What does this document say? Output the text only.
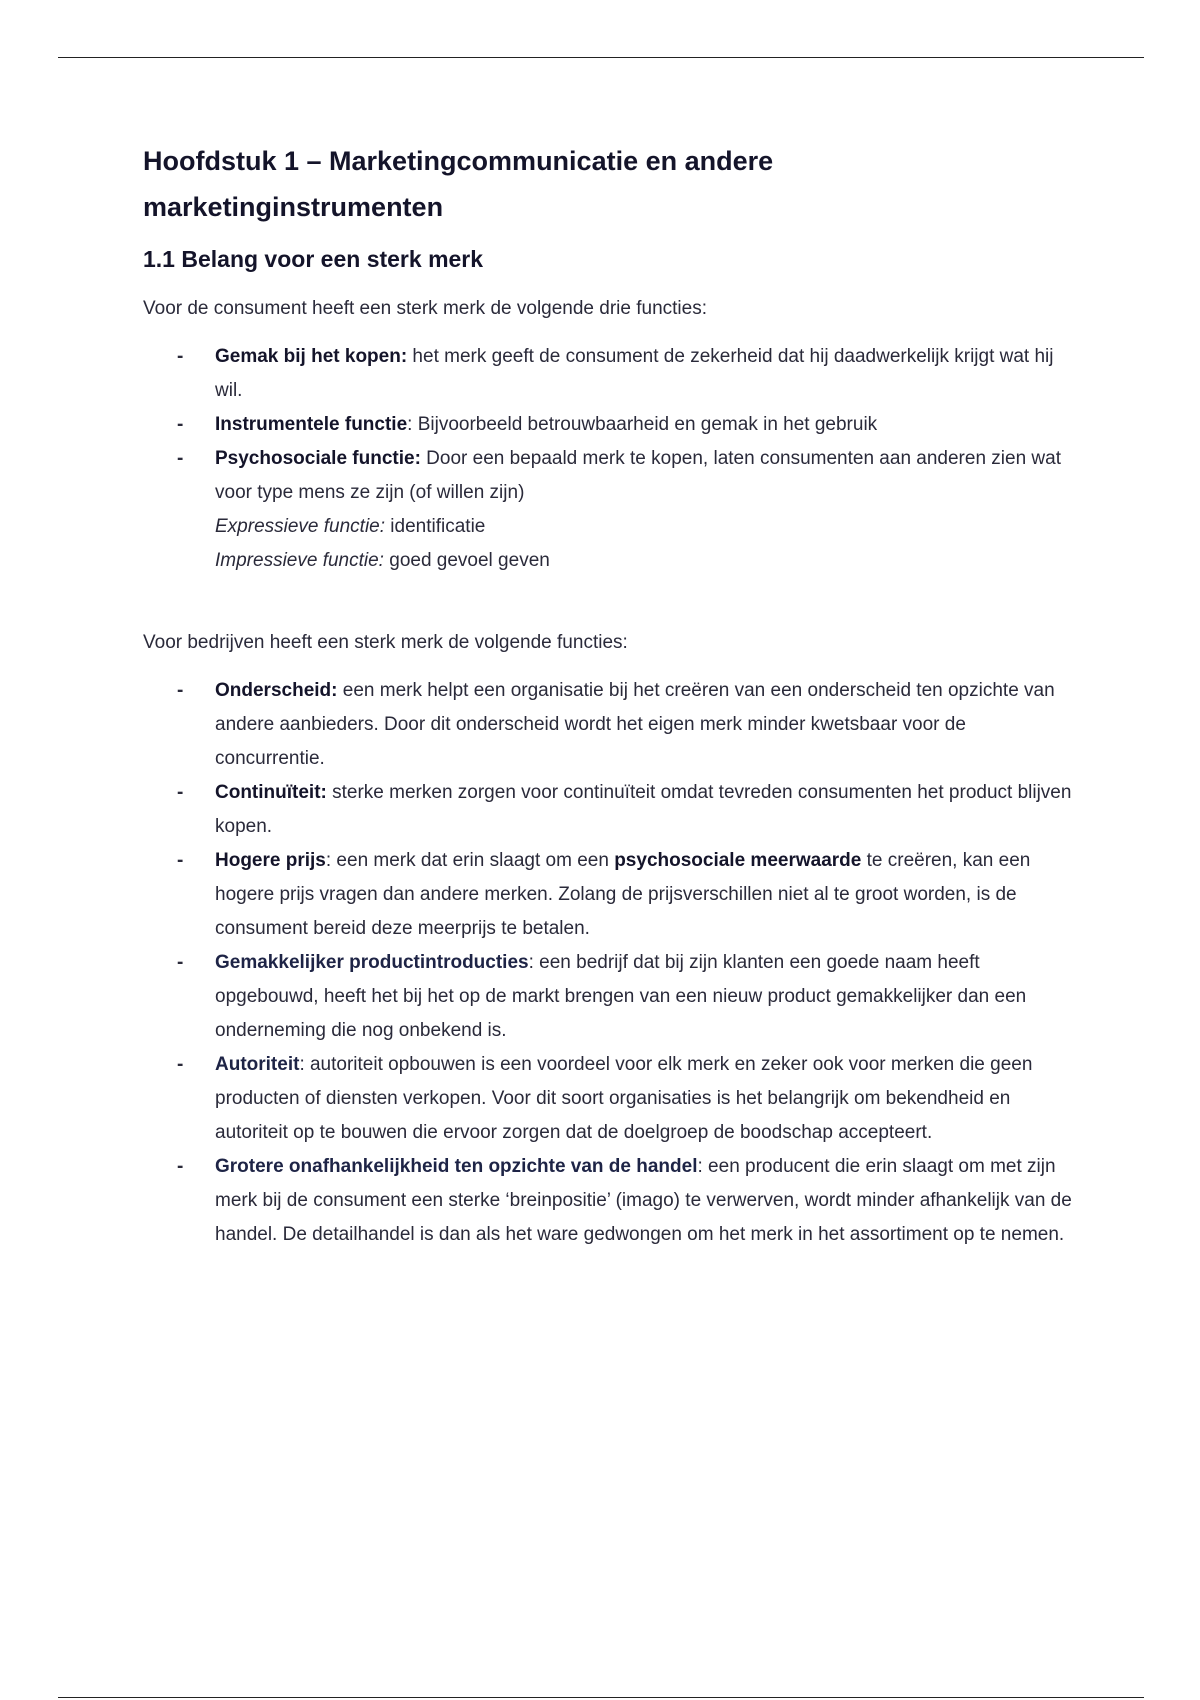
Hoofdstuk 1 – Marketingcommunicatie en andere marketinginstrumenten
1.1 Belang voor een sterk merk

Voor de consument heeft een sterk merk de volgende drie functies:

- Gemak bij het kopen: het merk geeft de consument de zekerheid dat hij daadwerkelijk krijgt wat hij wil.
- Instrumentele functie: Bijvoorbeeld betrouwbaarheid en gemak in het gebruik
- Psychosociale functie: Door een bepaald merk te kopen, laten consumenten aan anderen zien wat voor type mens ze zijn (of willen zijn)
Expressieve functie: identificatie
Impressieve functie: goed gevoel geven

Voor bedrijven heeft een sterk merk de volgende functies:

- Onderscheid: een merk helpt een organisatie bij het creëren van een onderscheid ten opzichte van andere aanbieders. Door dit onderscheid wordt het eigen merk minder kwetsbaar voor de concurrentie.
- Continuïteit: sterke merken zorgen voor continuïteit omdat tevreden consumenten het product blijven kopen.
- Hogere prijs: een merk dat erin slaagt om een psychosociale meerwaarde te creëren, kan een hogere prijs vragen dan andere merken. Zolang de prijsverschillen niet al te groot worden, is de consument bereid deze meerprijs te betalen.
- Gemakkelijker productintroducties: een bedrijf dat bij zijn klanten een goede naam heeft opgebouwd, heeft het bij het op de markt brengen van een nieuw product gemakkelijker dan een onderneming die nog onbekend is.
- Autoriteit: autoriteit opbouwen is een voordeel voor elk merk en zeker ook voor merken die geen producten of diensten verkopen. Voor dit soort organisaties is het belangrijk om bekendheid en autoriteit op te bouwen die ervoor zorgen dat de doelgroep de boodschap accepteert.
- Grotere onafhankelijkheid ten opzichte van de handel: een producent die erin slaagt om met zijn merk bij de consument een sterke ‘breinpositie’ (imago) te verwerven, wordt minder afhankelijk van de handel. De detailhandel is dan als het ware gedwongen om het merk in het assortiment op te nemen.
